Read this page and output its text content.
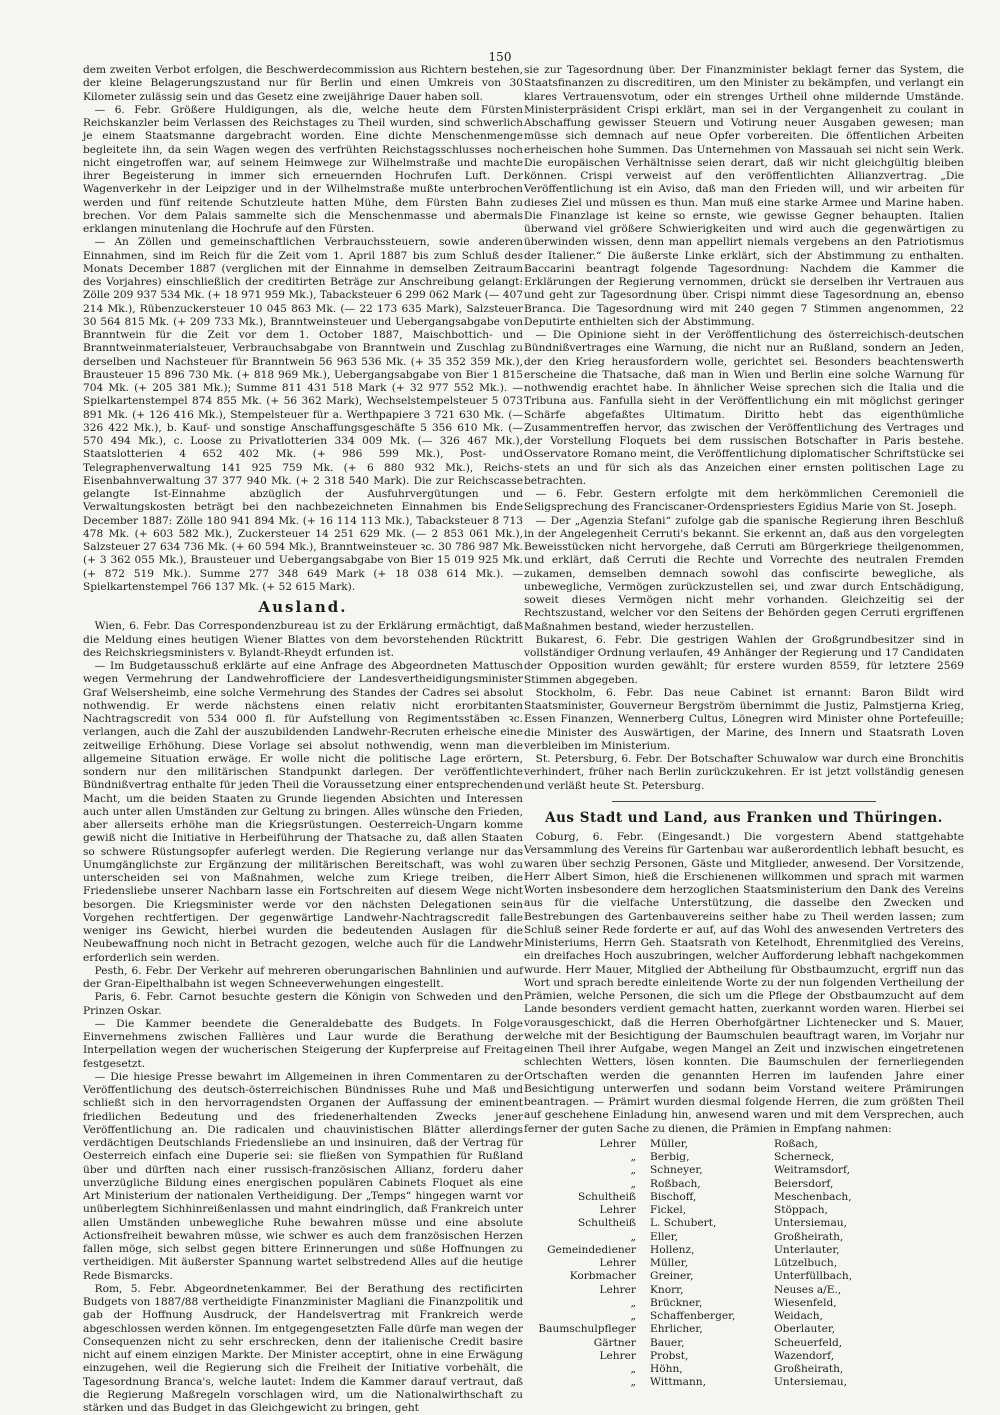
150

dem zweiten Verbot erfolgen, die Beschwerdecommission aus Richtern bestehen, der kleine Belagerungszustand nur für Berlin und einen Umkreis von 30 Kilometer zulässig sein und das Gesetz eine zweijährige Dauer haben soll.

— 6. Febr. Größere Huldigungen, als die, welche heute dem Fürsten Reichskanzler beim Verlassen des Reichstages zu Theil wurden, sind schwerlich je einem Staatsmanne dargebracht worden. Eine dichte Menschenmenge begleitete ihn, da sein Wagen wegen des verfrühten Reichstagsschlusses noch nicht eingetroffen war, auf seinem Heimwege zur Wilhelmstraße und machte ihrer Begeisterung in immer sich erneuernden Hochrufen Luft. Der Wagenverkehr in der Leipziger und in der Wilhelmstraße mußte unterbrochen werden und fünf reitende Schutzleute hatten Mühe, dem Fürsten Bahn zu brechen. Vor dem Palais sammelte sich die Menschenmasse und abermals erklangen minutenlang die Hochrufe auf den Fürsten.

— An Zöllen und gemeinschaftlichen Verbrauchssteuern, sowie anderen Einnahmen, sind im Reich für die Zeit vom 1. April 1887 bis zum Schluß des Monats December 1887 (verglichen mit der Einnahme in demselben Zeitraum des Vorjahres) einschließlich der creditirten Beträge zur Anschreibung gelangt: Zölle 209 937 534 Mk. (+ 18 971 959 Mk.), Tabacksteuer 6 299 062 Mark (— 407 214 Mk.), Rübenzuckersteuer 10 045 863 Mk. (— 22 173 635 Mark), Salzsteuer 30 564 815 Mk. (+ 209 733 Mk.), Branntweinsteuer und Uebergangsabgabe von Branntwein für die Zeit vor dem 1. October 1887, Maischbottich- und Branntweinmaterialsteuer, Verbrauchsabgabe von Branntwein und Zuschlag zu derselben und Nachsteuer für Branntwein 56 963 536 Mk. (+ 35 352 359 Mk.), Brausteuer 15 896 730 Mk. (+ 818 969 Mk.), Uebergangsabgabe von Bier 1 815 704 Mk. (+ 205 381 Mk.); Summe 811 431 518 Mark (+ 32 977 552 Mk.). — Spielkartenstempel 874 855 Mk. (+ 56 362 Mark), Wechselstempelsteuer 5 073 891 Mk. (+ 126 416 Mk.), Stempelsteuer für a. Werthpapiere 3 721 630 Mk. (— 326 422 Mk.), b. Kauf- und sonstige Anschaffungsgeschäfte 5 356 610 Mk. (— 570 494 Mk.), c. Loose zu Privatlotterien 334 009 Mk. (— 326 467 Mk.), Staatslotterien 4 652 402 Mk. (+ 986 599 Mk.), Post- und Telegraphenverwaltung 141 925 759 Mk. (+ 6 880 932 Mk.), Reichs-Eisenbahnverwaltung 37 377 940 Mk. (+ 2 318 540 Mark). Die zur Reichscasse gelangte Ist-Einnahme abzüglich der Ausfuhrvergütungen und Verwaltungskosten beträgt bei den nachbezeichneten Einnahmen bis Ende December 1887: Zölle 180 941 894 Mk. (+ 16 114 113 Mk.), Tabacksteuer 8 713 478 Mk. (+ 603 582 Mk.), Zuckersteuer 14 251 629 Mk. (— 2 853 061 Mk.), Salzsteuer 27 634 736 Mk. (+ 60 594 Mk.), Branntweinsteuer ꝛc. 30 786 987 Mk. (+ 3 362 055 Mk.), Brausteuer und Uebergangsabgabe von Bier 15 019 925 Mk. (+ 872 519 Mk.). Summe 277 348 649 Mark (+ 18 038 614 Mk.). — Spielkartenstempel 766 137 Mk. (+ 52 615 Mark).

Ausland.

Wien, 6. Febr. Das Correspondenzbureau ist zu der Erklärung ermächtigt, daß die Meldung eines heutigen Wiener Blattes von dem bevorstehenden Rücktritt des Reichskriegsministers v. Bylandt-Rheydt erfunden ist.

— Im Budgetausschuß erklärte auf eine Anfrage des Abgeordneten Mattusch wegen Vermehrung der Landwehrofficiere der Landesvertheidigungsminister Graf Welsersheimb, eine solche Vermehrung des Standes der Cadres sei absolut nothwendig. Er werde nächstens einen relativ nicht erorbitanten Nachtragscredit von 534 000 fl. für Aufstellung von Regimentsstäben ꝛc. verlangen, auch die Zahl der auszubildenden Landwehr-Recruten erheische eine zeitweilige Erhöhung. Diese Vorlage sei absolut nothwendig, wenn man die allgemeine Situation erwäge. Er wolle nicht die politische Lage erörtern, sondern nur den militärischen Standpunkt darlegen. Der veröffentlichte Bündnißvertrag enthalte für jeden Theil die Voraussetzung einer entsprechenden Macht, um die beiden Staaten zu Grunde liegenden Absichten und Interessen auch unter allen Umständen zur Geltung zu bringen. Alles wünsche den Frieden, aber allerseits erhöhe man die Kriegsrüstungen. Oesterreich-Ungarn komme gewiß nicht die Initiative in Herbeiführung der Thatsache zu, daß allen Staaten so schwere Rüstungsopfer auferlegt werden. Die Regierung verlange nur das Unumgänglichste zur Ergänzung der militärischen Bereitschaft, was wohl zu unterscheiden sei von Maßnahmen, welche zum Kriege treiben, die Friedensliebe unserer Nachbarn lasse ein Fortschreiten auf diesem Wege nicht besorgen. Die Kriegsminister werde vor den nächsten Delegationen sein Vorgehen rechtfertigen. Der gegenwärtige Landwehr-Nachtragscredit falle weniger ins Gewicht, hierbei wurden die bedeutenden Auslagen für die Neubewaffnung noch nicht in Betracht gezogen, welche auch für die Landwehr erforderlich sein werden.

Pesth, 6. Febr. Der Verkehr auf mehreren oberungarischen Bahnlinien und auf der Gran-Eipelthalbahn ist wegen Schneeverwehungen eingestellt.

Paris, 6. Febr. Carnot besuchte gestern die Königin von Schweden und den Prinzen Oskar.

— Die Kammer beendete die Generaldebatte des Budgets. In Folge Einvernehmens zwischen Fallières und Laur wurde die Berathung der Interpellation wegen der wucherischen Steigerung der Kupferpreise auf Freitag festgesetzt.

— Die hiesige Presse bewahrt im Allgemeinen in ihren Commentaren zu der Veröffentlichung des deutsch-österreichischen Bündnisses Ruhe und Maß und schließt sich in den hervorragendsten Organen der Auffassung der eminent friedlichen Bedeutung und des friedenerhaltenden Zwecks jener Veröffentlichung an. Die radicalen und chauvinistischen Blätter allerdings verdächtigen Deutschlands Friedensliebe an und insinuiren, daß der Vertrag für Oesterreich einfach eine Duperie sei: sie fließen von Sympathien für Rußland über und dürften nach einer russisch-französischen Allianz, forderu daher unverzügliche Bildung eines energischen populären Cabinets Floquet als eine Art Ministerium der nationalen Vertheidigung. Der „Temps“ hingegen warnt vor unüberlegtem Sichhinreißenlassen und mahnt eindringlich, daß Frankreich unter allen Umständen unbewegliche Ruhe bewahren müsse und eine absolute Actionsfreiheit bewahren müsse, wie schwer es auch dem französischen Herzen fallen möge, sich selbst gegen bittere Erinnerungen und süße Hoffnungen zu vertheidigen. Mit äußerster Spannung wartet selbstredend Alles auf die heutige Rede Bismarcks.

Rom, 5. Febr. Abgeordnetenkammer. Bei der Berathung des rectificirten Budgets von 1887/88 vertheidigte Finanzminister Magliani die Finanzpolitik und gab der Hoffnung Ausdruck, der Handelsvertrag mit Frankreich werde abgeschlossen werden können. Im entgegengesetzten Falle dürfe man wegen der Consequenzen nicht zu sehr erschrecken, denn der italienische Credit basire nicht auf einem einzigen Markte. Der Minister acceptirt, ohne in eine Erwägung einzugehen, weil die Regierung sich die Freiheit der Initiative vorbehält, die Tagesordnung Branca's, welche lautet: Indem die Kammer darauf vertraut, daß die Regierung Maßregeln vorschlagen wird, um die Nationalwirthschaft zu stärken und das Budget in das Gleichgewicht zu bringen, geht

sie zur Tagesordnung über. Der Finanzminister beklagt ferner das System, die Staatsfinanzen zu discreditiren, um den Minister zu bekämpfen, und verlangt ein klares Vertrauensvotum, oder ein strenges Urtheil ohne mildernde Umstände. Ministerpräsident Crispi erklärt, man sei in der Vergangenheit zu coulant in Abschaffung gewisser Steuern und Votirung neuer Ausgaben gewesen; man müsse sich demnach auf neue Opfer vorbereiten. Die öffentlichen Arbeiten erheischen hohe Summen. Das Unternehmen von Massauah sei nicht sein Werk. Die europäischen Verhältnisse seien derart, daß wir nicht gleichgültig bleiben können. Crispi verweist auf den veröffentlichten Allianzvertrag. „Die Veröffentlichung ist ein Aviso, daß man den Frieden will, und wir arbeiten für dieses Ziel und müssen es thun. Man muß eine starke Armee und Marine haben. Die Finanzlage ist keine so ernste, wie gewisse Gegner behaupten. Italien überwand viel größere Schwierigkeiten und wird auch die gegenwärtigen zu überwinden wissen, denn man appellirt niemals vergebens an den Patriotismus der Italiener.“ Die äußerste Linke erklärt, sich der Abstimmung zu enthalten. Baccarini beantragt folgende Tagesordnung: Nachdem die Kammer die Erklärungen der Regierung vernommen, drückt sie derselben ihr Vertrauen aus und geht zur Tagesordnung über. Crispi nimmt diese Tagesordnung an, ebenso Branca. Die Tagesordnung wird mit 240 gegen 7 Stimmen angenommen, 22 Deputirte enthielten sich der Abstimmung.

— Die Opinione sieht in der Veröffentlichung des österreichisch-deutschen Bündnißvertrages eine Warnung, die nicht nur an Rußland, sondern an Jeden, der den Krieg herausfordern wolle, gerichtet sei. Besonders beachtenswerth erscheine die Thatsache, daß man in Wien und Berlin eine solche Warnung für nothwendig erachtet habe. In ähnlicher Weise sprechen sich die Italia und die Tribuna aus. Fanfulla sieht in der Veröffentlichung ein mit möglichst geringer Schärfe abgefaßtes Ultimatum. Diritto hebt das eigenthümliche Zusammentreffen hervor, das zwischen der Veröffentlichung des Vertrages und der Vorstellung Floquets bei dem russischen Botschafter in Paris bestehe. Osservatore Romano meint, die Veröffentlichung diplomatischer Schriftstücke sei stets an und für sich als das Anzeichen einer ernsten politischen Lage zu betrachten.

— 6. Febr. Gestern erfolgte mit dem herkömmlichen Ceremoniell die Seligsprechung des Franciscaner-Ordenspriesters Egidius Marie von St. Joseph.

— Der „Agenzia Stefani“ zufolge gab die spanische Regierung ihren Beschluß in der Angelegenheit Cerruti's bekannt. Sie erkennt an, daß aus den vorgelegten Beweisstücken nicht hervorgehe, daß Cerruti am Bürgerkriege theilgenommen, und erklärt, daß Cerruti die Rechte und Vorrechte des neutralen Fremden zukamen, demselben demnach sowohl das confiscirte bewegliche, als unbewegliche, Vermögen zurückzustellen sei, und zwar durch Entschädigung, soweit dieses Vermögen nicht mehr vorhanden. Gleichzeitig sei der Rechtszustand, welcher vor den Seitens der Behörden gegen Cerruti ergriffenen Maßnahmen bestand, wieder herzustellen.

Bukarest, 6. Febr. Die gestrigen Wahlen der Großgrundbesitzer sind in vollständiger Ordnung verlaufen, 49 Anhänger der Regierung und 17 Candidaten der Opposition wurden gewählt; für erstere wurden 8559, für letztere 2569 Stimmen abgegeben.

Stockholm, 6. Febr. Das neue Cabinet ist ernannt: Baron Bildt wird Staatsminister, Gouverneur Bergström übernimmt die Justiz, Palmstjerna Krieg, Essen Finanzen, Wennerberg Cultus, Lönegren wird Minister ohne Portefeuille; die Minister des Auswärtigen, der Marine, des Innern und Staatsrath Loven verbleiben im Ministerium.

St. Petersburg, 6. Febr. Der Botschafter Schuwalow war durch eine Bronchitis verhindert, früher nach Berlin zurückzukehren. Er ist jetzt vollständig genesen und verläßt heute St. Petersburg.

Aus Stadt und Land, aus Franken und Thüringen.

Coburg, 6. Febr. (Eingesandt.) Die vorgestern Abend stattgehabte Versammlung des Vereins für Gartenbau war außerordentlich lebhaft besucht, es waren über sechzig Personen, Gäste und Mitglieder, anwesend. Der Vorsitzende, Herr Albert Simon, hieß die Erschienenen willkommen und sprach mit warmen Worten insbesondere dem herzoglichen Staatsministerium den Dank des Vereins aus für die vielfache Unterstützung, die dasselbe den Zwecken und Bestrebungen des Gartenbauvereins seither habe zu Theil werden lassen; zum Schluß seiner Rede forderte er auf, auf das Wohl des anwesenden Vertreters des Ministeriums, Herrn Geh. Staatsrath von Ketelhodt, Ehrenmitglied des Vereins, ein dreifaches Hoch auszubringen, welcher Aufforderung lebhaft nachgekommen wurde. Herr Mauer, Mitglied der Abtheilung für Obstbaumzucht, ergriff nun das Wort und sprach beredte einleitende Worte zu der nun folgenden Vertheilung der Prämien, welche Personen, die sich um die Pflege der Obstbaumzucht auf dem Lande besonders verdient gemacht hatten, zuerkannt worden waren. Hierbei sei vorausgeschickt, daß die Herren Oberhofgärtner Lichtenecker und S. Mauer, welche mit der Besichtigung der Baumschulen beauftragt waren, im Vorjahr nur einen Theil ihrer Aufgabe, wegen Mangel an Zeit und inzwischen eingetretenen schlechten Wetters, lösen konnten. Die Baumschulen der fernerliegenden Ortschaften werden die genannten Herren im laufenden Jahre einer Besichtigung unterwerfen und sodann beim Vorstand weitere Prämirungen beantragen. — Prämirt wurden diesmal folgende Herren, die zum größten Theil auf geschehene Einladung hin, anwesend waren und mit dem Versprechen, auch ferner der guten Sache zu dienen, die Prämien in Empfang nahmen:

Lehrer	Müller,	Roßach,
„	Berbig,	Scherneck,
„	Schneyer,	Weitramsdorf,
„	Roßbach,	Beiersdorf,
Schultheiß	Bischoff,	Meschenbach,
Lehrer	Fickel,	Stöppach,
Schultheiß	L. Schubert,	Untersiemau,
„	Eller,	Großheirath,
Gemeindediener	Hollenz,	Unterlauter,
Lehrer	Müller,	Lützelbuch,
Korbmacher	Greiner,	Unterfüllbach,
Lehrer	Knorr,	Neuses a/E.,
„	Brückner,	Wiesenfeld,
„	Schaffenberger,	Weidach,
Baumschulpfleger	Ehrlicher,	Oberlauter,
Gärtner	Bauer,	Scheuerfeld,
Lehrer	Probst,	Wazendorf,
„	Höhn,	Großheirath,
„	Wittmann,	Untersiemau,
